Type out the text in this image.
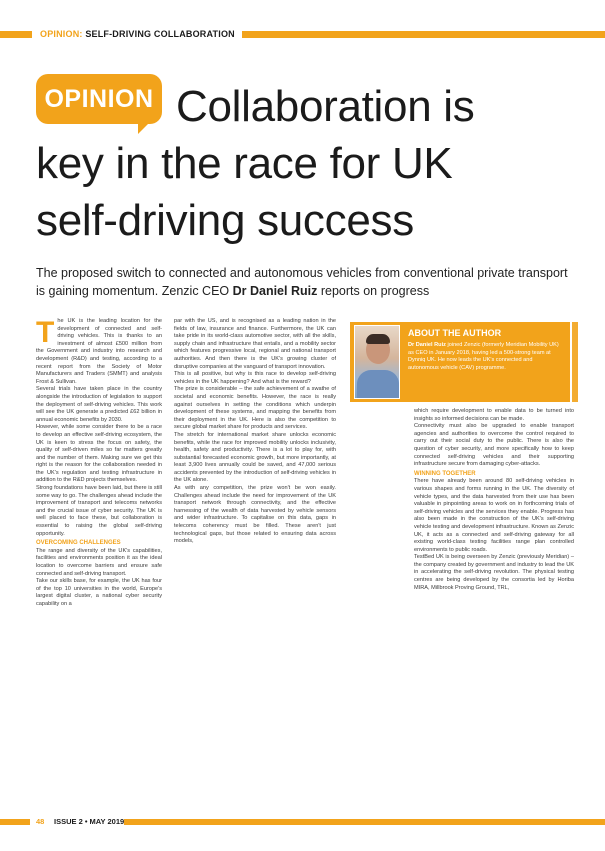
OPINION: SELF-DRIVING COLLABORATION
OPINION Collaboration is
key in the race for UK
self-driving success

The proposed switch to connected and autonomous vehicles from conventional private transport is gaining momentum. Zenzic CEO Dr Daniel Ruiz reports on progress

The UK is the leading location for the development of connected and self-driving vehicles. This is thanks to an investment of almost £500 million from the Government and industry into research and development (R&D) and testing, according to a recent report from the Society of Motor Manufacturers and Traders (SMMT) and analysis Frost & Sullivan.

Several trials have taken place in the country alongside the introduction of legislation to support the deployment of self-driving vehicles. This work will see the UK generate a predicted £62 billion in annual economic benefits by 2030.

However, while some consider there to be a race to develop an effective self-driving ecosystem, the UK is keen to stress the focus on safety, the quality of self-driven miles so far matters greatly and the number of them. Making sure we get this right is the reason for the collaboration needed in the UK's regulation and testing infrastructure in addition to the R&D projects themselves.

Strong foundations have been laid, but there is still some way to go. The challenges ahead include the improvement of transport and telecoms networks and the crucial issue of cyber security. The UK is well placed to face these, but collaboration is essential to raising the global self-driving opportunity.

OVERCOMING CHALLENGES

The range and diversity of the UK's capabilities, facilities and environments position it as the ideal location to overcome barriers and ensure safe connected and self-driving transport.

Take our skills base, for example, the UK has four of the top 10 universities in the world, Europe's largest digital cluster, a national cyber security capability on a

par with the US, and is recognised as a leading nation in the fields of law, insurance and finance. Furthermore, the UK can take pride in its world-class automotive sector, with all the skills, supply chain and infrastructure that entails, and a mobility sector which features progressive local, regional and national transport authorities. And then there is the UK's growing cluster of disruptive companies at the vanguard of transport innovation.

This is all positive, but why is this race to develop self-driving vehicles in the UK happening? And what is the reward?

The prize is considerable – the safe achievement of a swathe of societal and economic benefits. However, the race is really against ourselves in setting the conditions which underpin development of these systems, and mapping the benefits from their deployment in the UK. Here is also the competition to secure global market share for products and services.

The stretch for international market share unlocks economic benefits, while the race for improved mobility unlocks inclusivity, health, safety and productivity. There is a lot to play for, with substantial forecasted economic growth, but more importantly, at least 3,900 lives annually could be saved, and 47,000 serious accidents prevented by the introduction of self-driving vehicles in the UK alone.

As with any competition, the prize won't be won easily. Challenges ahead include the need for improvement of the UK transport network through connectivity, and the effective harnessing of the wealth of data harvested by vehicle sensors and wider infrastructure. To capitalise on this data, gaps in telecoms coherency must be filled. These aren't just technological gaps, but those related to ensuring data across models,

ABOUT THE AUTHOR
Dr Daniel Ruiz joined Zenzic (formerly Meridian Mobility UK) as CEO in January 2018, having led a 500-strong team at Dynniq UK. He now leads the UK's connected and autonomous vehicle (CAV) programme.

which require development to enable data to be turned into insights so informed decisions can be made.

Connectivity must also be upgraded to enable transport agencies and authorities to overcome the control required to carry out their social duty to the public. There is also the question of cyber security, and more specifically how to keep connected self-driving vehicles and their supporting infrastructure secure from damaging cyber-attacks.

WINNING TOGETHER

There have already been around 80 self-driving vehicles in various shapes and forms running in the UK. The diversity of vehicle types, and the data harvested from their use has been valuable in pinpointing areas to work on in forthcoming trials of self-driving vehicles and the services they enable. Progress has also been made in the construction of the UK's self-driving vehicle testing and development infrastructure. Known as Zenzic UK, it acts as a connected and self-driving gateway for all existing world-class testing facilities range plan controlled environments to public roads.

TestBed UK is being overseen by Zenzic (previously Meridian) – the company created by government and industry to lead the UK in accelerating the self-driving revolution. The physical testing centres are being developed by the consortia led by Horiba MIRA, Millbrook Proving Ground, TRL,

48 ISSUE 2 • MAY 2019
